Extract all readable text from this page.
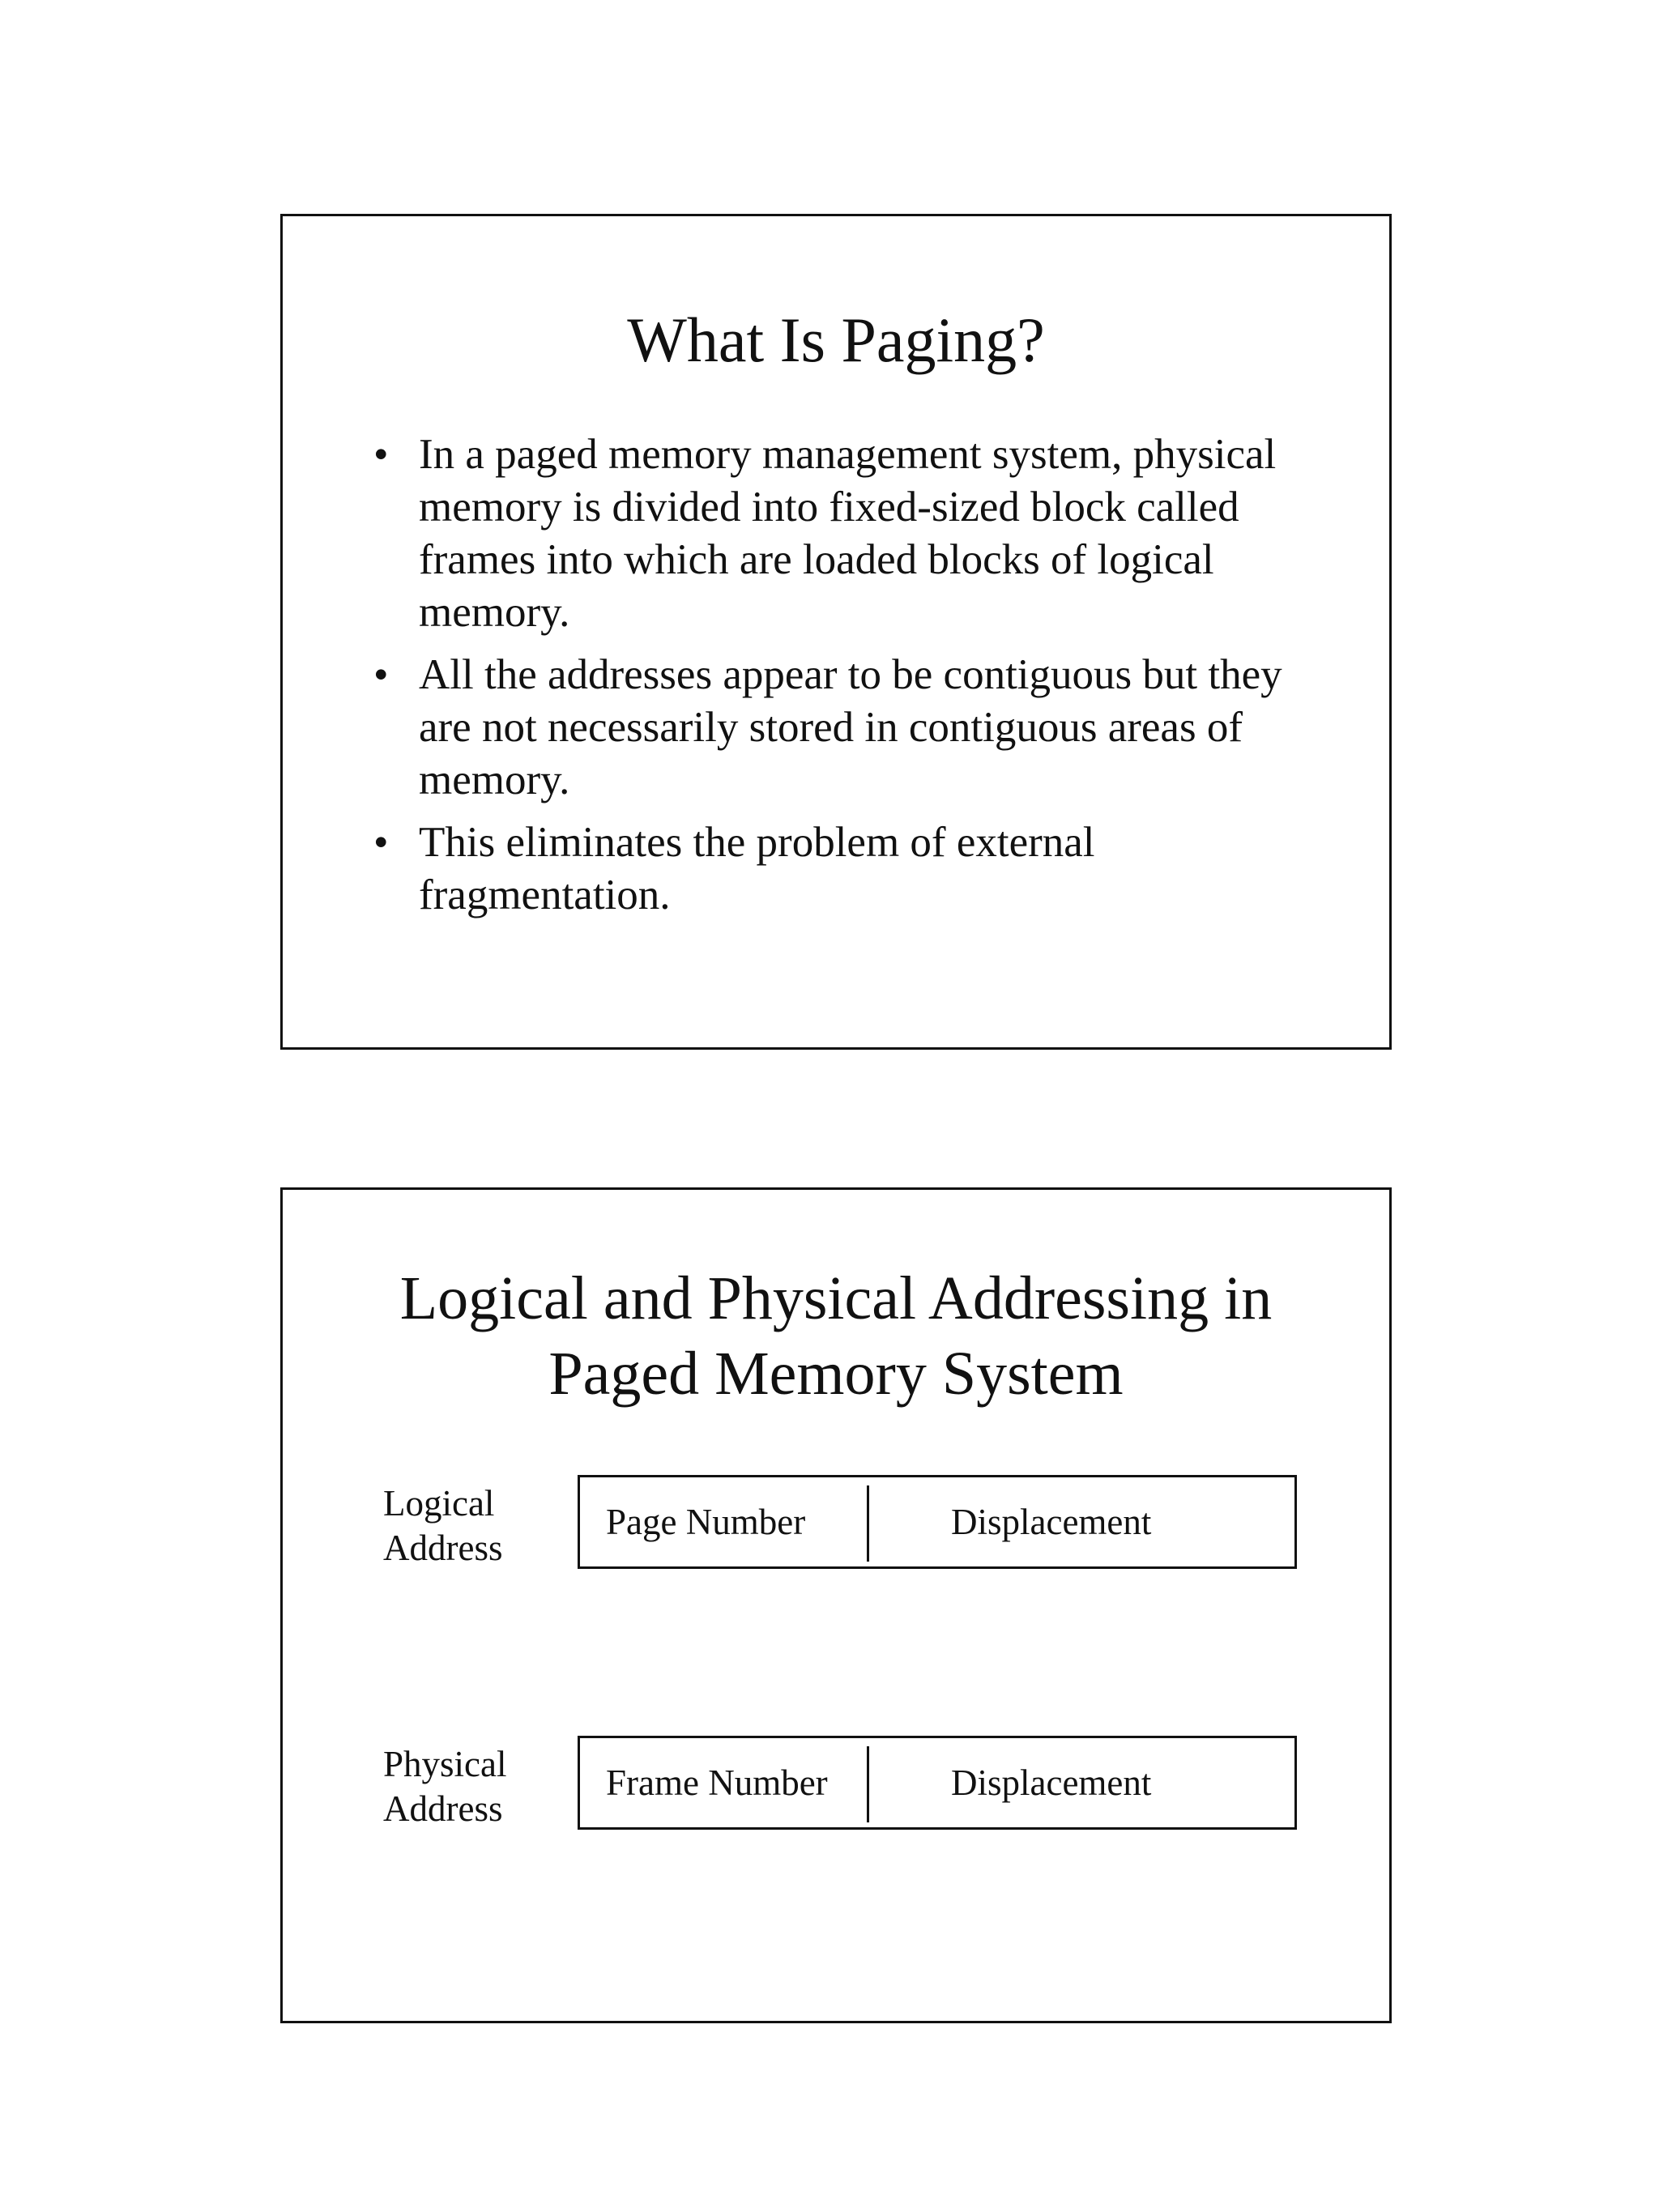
What Is Paging?
• In a paged memory management system, physical memory is divided into fixed-sized block called frames into which are loaded blocks of logical memory.
• All the addresses appear to be contiguous but they are not necessarily stored in contiguous areas of memory.
• This eliminates the problem of external fragmentation.
Logical and Physical Addressing in
Paged Memory System
Logical
Address
Page Number	Displacement
Physical
Address
Frame Number	Displacement
